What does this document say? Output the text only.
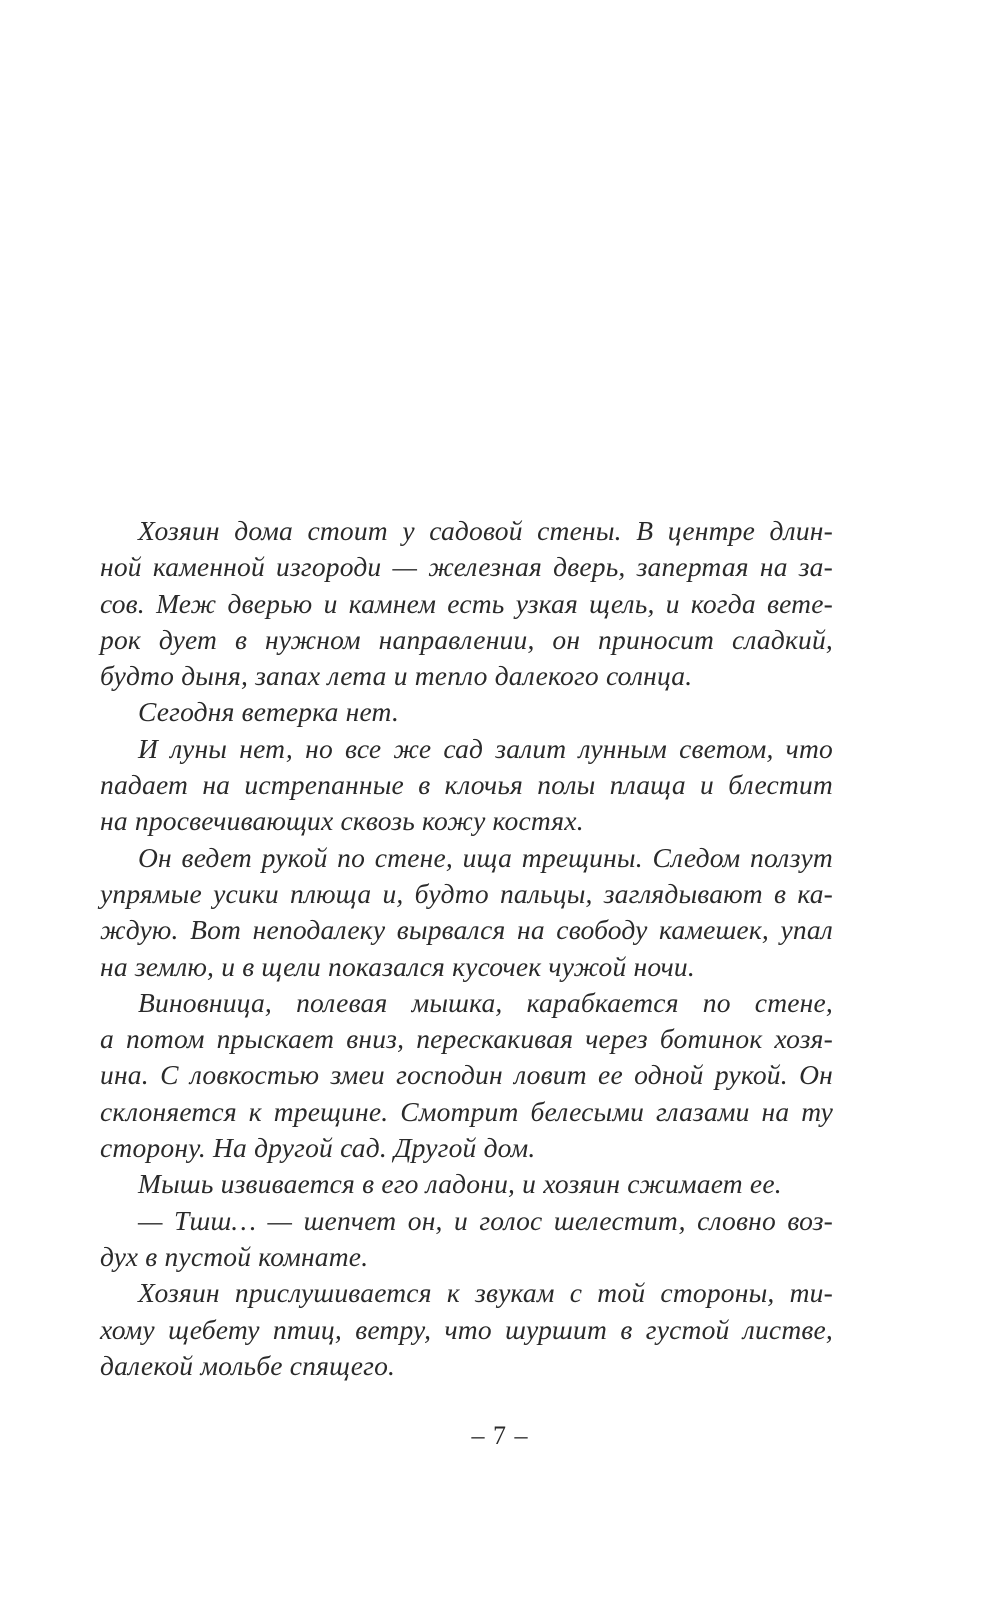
Хозяин дома стоит у садовой стены. В центре длин-
ной каменной изгороди — железная дверь, запертая на за-
сов. Меж дверью и камнем есть узкая щель, и когда вете-
рок дует в нужном направлении, он приносит сладкий,
будто дыня, запах лета и тепло далекого солнца.
Сегодня ветерка нет.
И луны нет, но все же сад залит лунным светом, что
падает на истрепанные в клочья полы плаща и блестит
на просвечивающих сквозь кожу костях.
Он ведет рукой по стене, ища трещины. Следом ползут
упрямые усики плюща и, будто пальцы, заглядывают в ка-
ждую. Вот неподалеку вырвался на свободу камешек, упал
на землю, и в щели показался кусочек чужой ночи.
Виновница, полевая мышка, карабкается по стене,
а потом прыскает вниз, перескакивая через ботинок хозя-
ина. С ловкостью змеи господин ловит ее одной рукой. Он
склоняется к трещине. Смотрит белесыми глазами на ту
сторону. На другой сад. Другой дом.
Мышь извивается в его ладони, и хозяин сжимает ее.
— Тшш… — шепчет он, и голос шелестит, словно воз-
дух в пустой комнате.
Хозяин прислушивается к звукам с той стороны, ти-
хому щебету птиц, ветру, что шуршит в густой листве,
далекой мольбе спящего.
– 7 –
